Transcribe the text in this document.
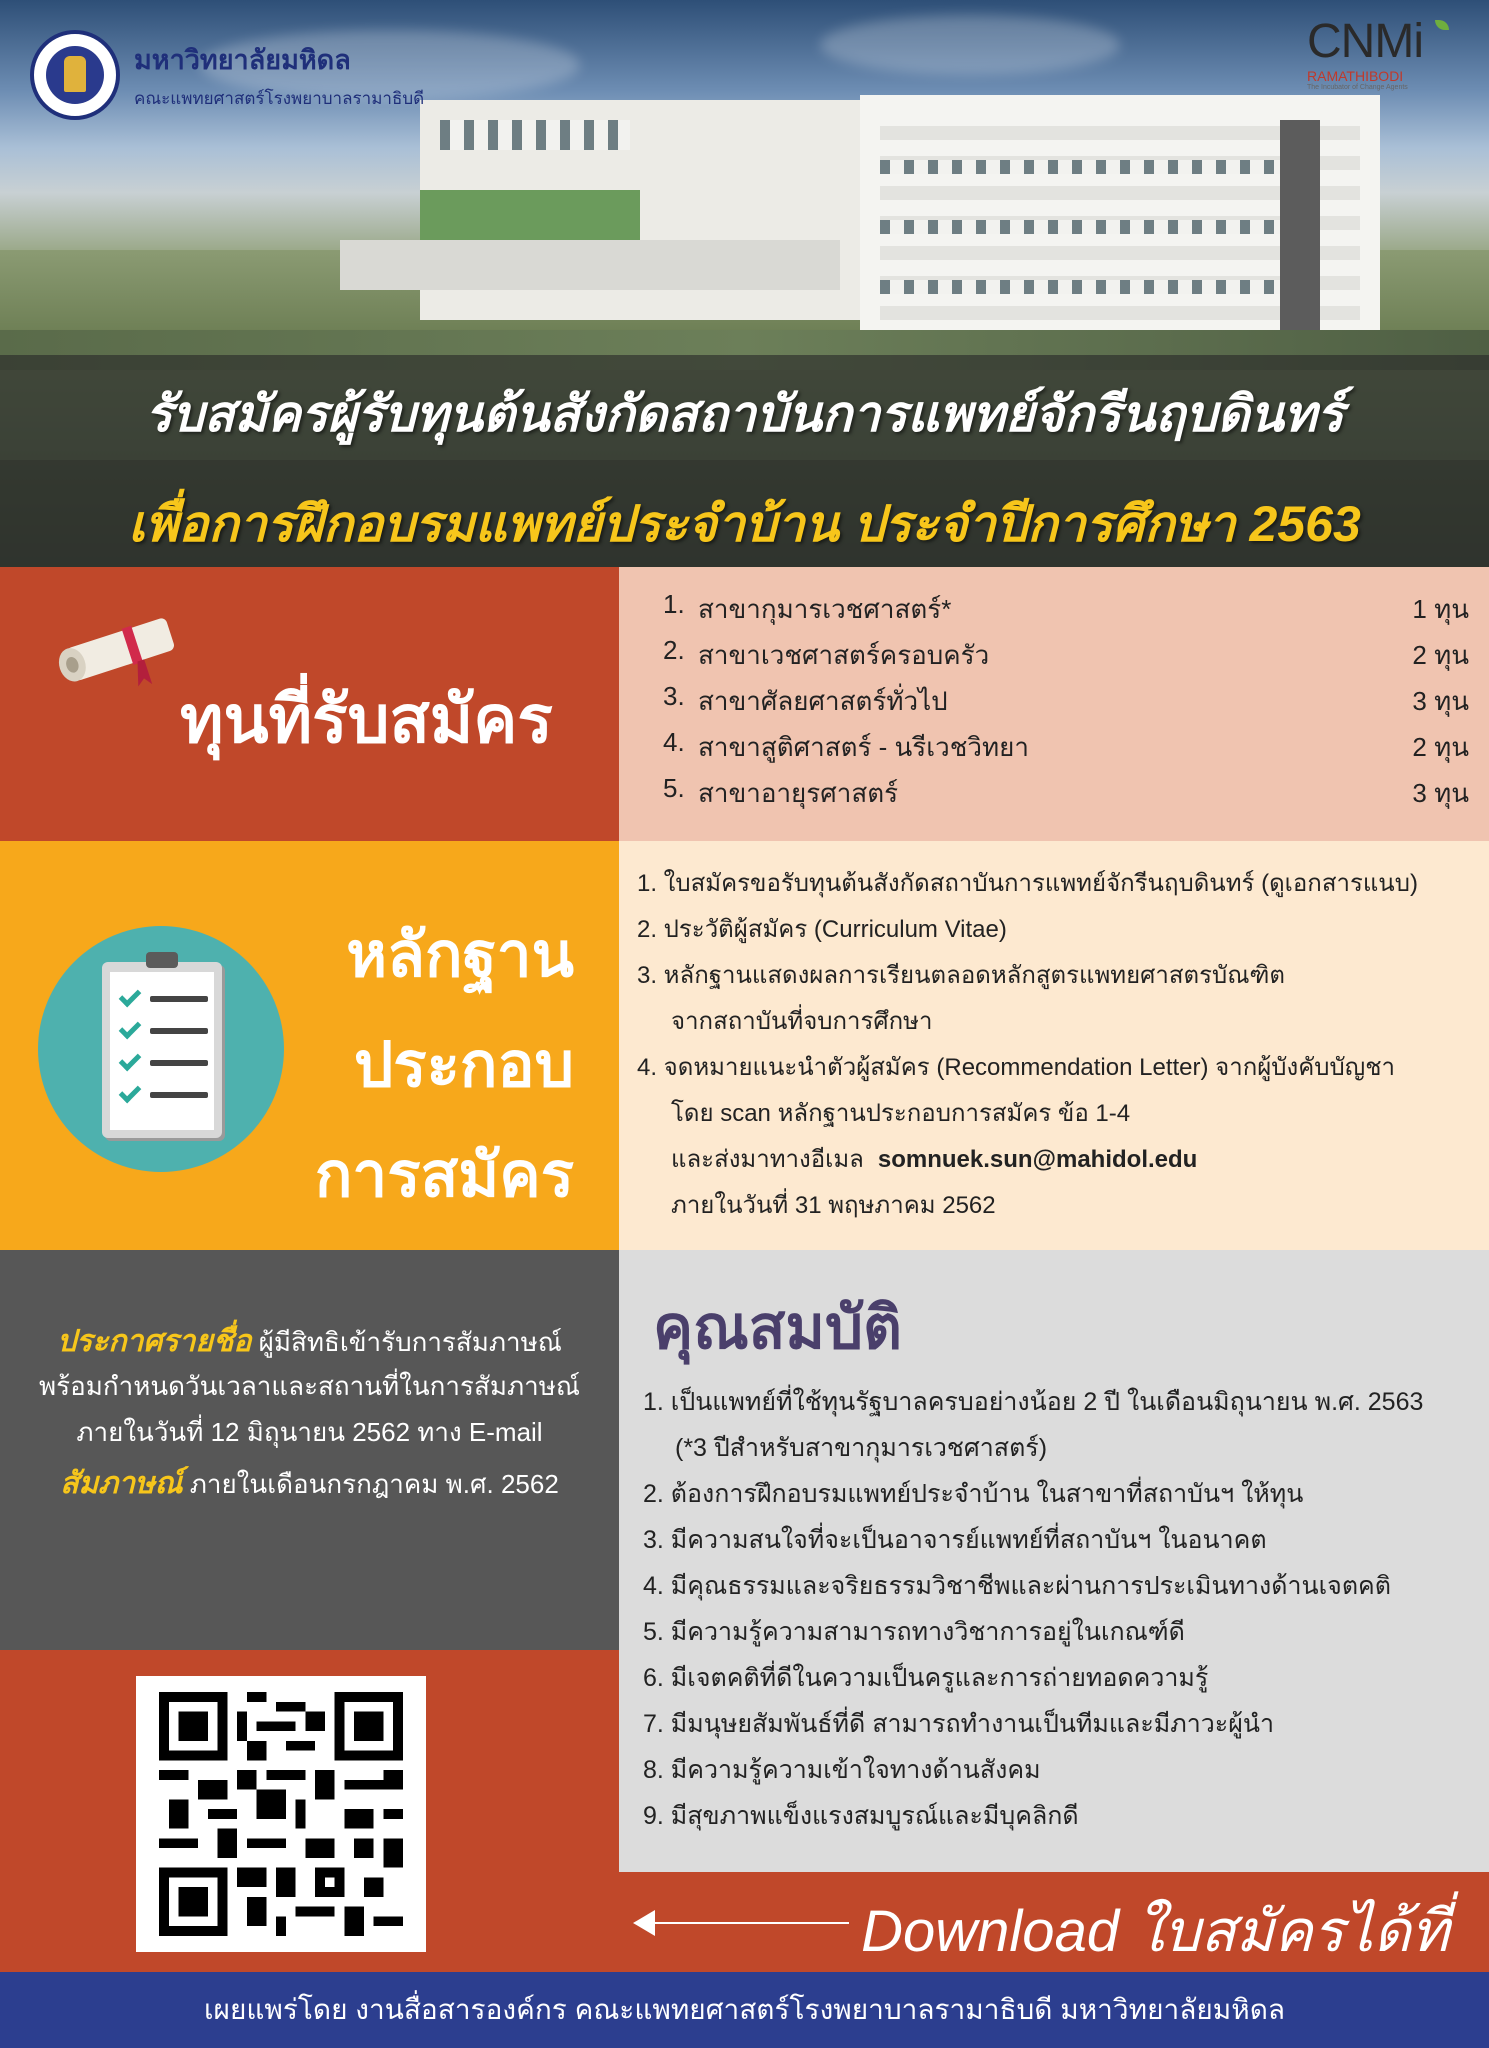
รับสมัครผู้รับทุนต้นสังกัดสถาบันการแพทย์จักรีนฤบดินทร์
เพื่อการฝึกอบรมแพทย์ประจำบ้าน ประจำปีการศึกษา 2563
มหาวิทยาลัยมหิดล
คณะแพทยศาสตร์โรงพยาบาลรามาธิบดี
CNMi
RAMATHIBODI
The Incubator of Change Agents
ทุนที่รับสมัคร
1. สาขากุมารเวชศาสตร์*	1 ทุน
2. สาขาเวชศาสตร์ครอบครัว	2 ทุน
3. สาขาศัลยศาสตร์ทั่วไป	3 ทุน
4. สาขาสูติศาสตร์ - นรีเวชวิทยา	2 ทุน
5. สาขาอายุรศาสตร์	3 ทุน
หลักฐาน
ประกอบ
การสมัคร
1. ใบสมัครขอรับทุนต้นสังกัดสถาบันการแพทย์จักรีนฤบดินทร์ (ดูเอกสารแนบ)
2. ประวัติผู้สมัคร (Curriculum Vitae)
3. หลักฐานแสดงผลการเรียนตลอดหลักสูตรแพทยศาสตรบัณฑิต
จากสถาบันที่จบการศึกษา
4. จดหมายแนะนำตัวผู้สมัคร (Recommendation Letter) จากผู้บังคับบัญชา
โดย scan หลักฐานประกอบการสมัคร ข้อ 1-4
และส่งมาทางอีเมล somnuek.sun@mahidol.edu
ภายในวันที่ 31 พฤษภาคม 2562
ประกาศรายชื่อ ผู้มีสิทธิเข้ารับการสัมภาษณ์
พร้อมกำหนดวันเวลาและสถานที่ในการสัมภาษณ์
ภายในวันที่ 12 มิถุนายน 2562 ทาง E-mail
สัมภาษณ์ ภายในเดือนกรกฎาคม พ.ศ. 2562
คุณสมบัติ
1. เป็นแพทย์ที่ใช้ทุนรัฐบาลครบอย่างน้อย 2 ปี ในเดือนมิถุนายน พ.ศ. 2563
(*3 ปีสำหรับสาขากุมารเวชศาสตร์)
2. ต้องการฝึกอบรมแพทย์ประจำบ้าน ในสาขาที่สถาบันฯ ให้ทุน
3. มีความสนใจที่จะเป็นอาจารย์แพทย์ที่สถาบันฯ ในอนาคต
4. มีคุณธรรมและจริยธรรมวิชาชีพและผ่านการประเมินทางด้านเจตคติ
5. มีความรู้ความสามารถทางวิชาการอยู่ในเกณฑ์ดี
6. มีเจตคติที่ดีในความเป็นครูและการถ่ายทอดความรู้
7. มีมนุษยสัมพันธ์ที่ดี สามารถทำงานเป็นทีมและมีภาวะผู้นำ
8. มีความรู้ความเข้าใจทางด้านสังคม
9. มีสุขภาพแข็งแรงสมบูรณ์และมีบุคลิกดี
Download ใบสมัครได้ที่
เผยแพร่โดย งานสื่อสารองค์กร คณะแพทยศาสตร์โรงพยาบาลรามาธิบดี มหาวิทยาลัยมหิดล
